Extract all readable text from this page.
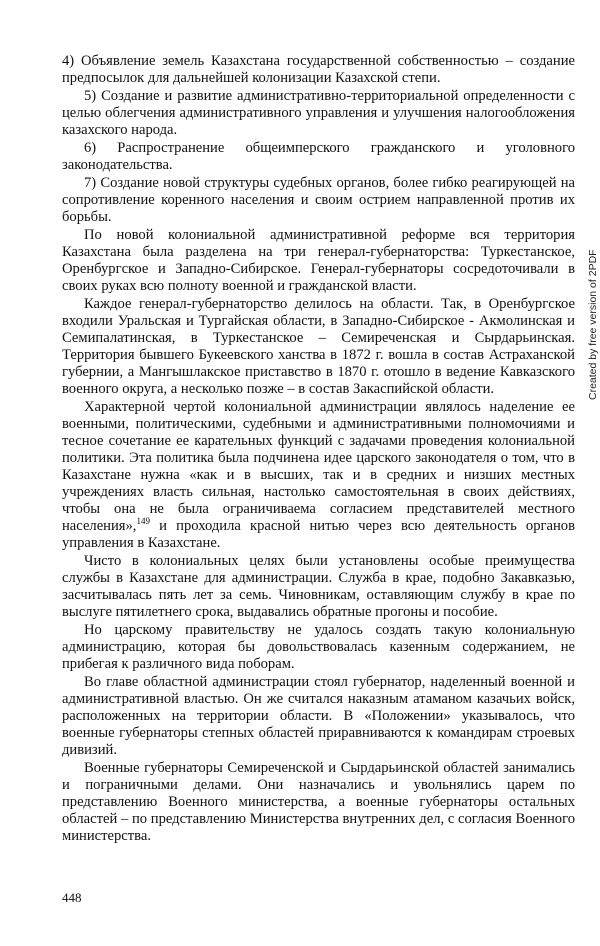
4) Объявление земель Казахстана государственной собственностью – создание предпосылок для дальнейшей колонизации Казахской степи.

5) Создание и развитие административно-территориальной определенности с целью облегчения административного управления и улучшения налогообложения казахского народа.

6) Распространение общеимперского гражданского и уголовного законодательства.

7) Создание новой структуры судебных органов, более гибко реагирующей на сопротивление коренного населения и своим острием направленной против их борьбы.

По новой колониальной административной реформе вся территория Казахстана была разделена на три генерал-губернаторства: Туркестанское, Оренбургское и Западно-Сибирское. Генерал-губернаторы сосредоточивали в своих руках всю полноту военной и гражданской власти.

Каждое генерал-губернаторство делилось на области. Так, в Оренбургское входили Уральская и Тургайская области, в Западно-Сибирское - Акмолинская и Семипалатинская, в Туркестанское – Семиреченская и Сырдарьинская. Территория бывшего Букеевского ханства в 1872 г. вошла в состав Астраханской губернии, а Мангышлакское приставство в 1870 г. отошло в ведение Кавказского военного округа, а несколько позже – в состав Закаспийской области.

Характерной чертой колониальной администрации являлось наделение ее военными, политическими, судебными и административными полномочиями и тесное сочетание ее карательных функций с задачами проведения колониальной политики. Эта политика была подчинена идее царского законодателя о том, что в Казахстане нужна «как и в высших, так и в средних и низших местных учреждениях власть сильная, настолько самостоятельная в своих действиях, чтобы она не была ограничиваема согласием представителей местного населения»,$^{149}$ и проходила красной нитью через всю деятельность органов управления в Казахстане.

Чисто в колониальных целях были установлены особые преимущества службы в Казахстане для администрации. Служба в крае, подобно Закавказью, засчитывалась пять лет за семь. Чиновникам, оставляющим службу в крае по выслуге пятилетнего срока, выдавались обратные прогоны и пособие.

Но царскому правительству не удалось создать такую колониальную администрацию, которая бы довольствовалась казенным содержанием, не прибегая к различного вида поборам.

Во главе областной администрации стоял губернатор, наделенный военной и административной властью. Он же считался наказным атаманом казачьих войск, расположенных на территории области. В «Положении» указывалось, что военные губернаторы степных областей приравниваются к командирам строевых дивизий.

Военные губернаторы Семиреченской и Сырдарьинской областей занимались и пограничными делами. Они назначались и увольнялись царем по представлению Военного министерства, а военные губернаторы остальных областей – по представлению Министерства внутренних дел, с согласия Военного министерства.

448
Created by free version of 2PDF
